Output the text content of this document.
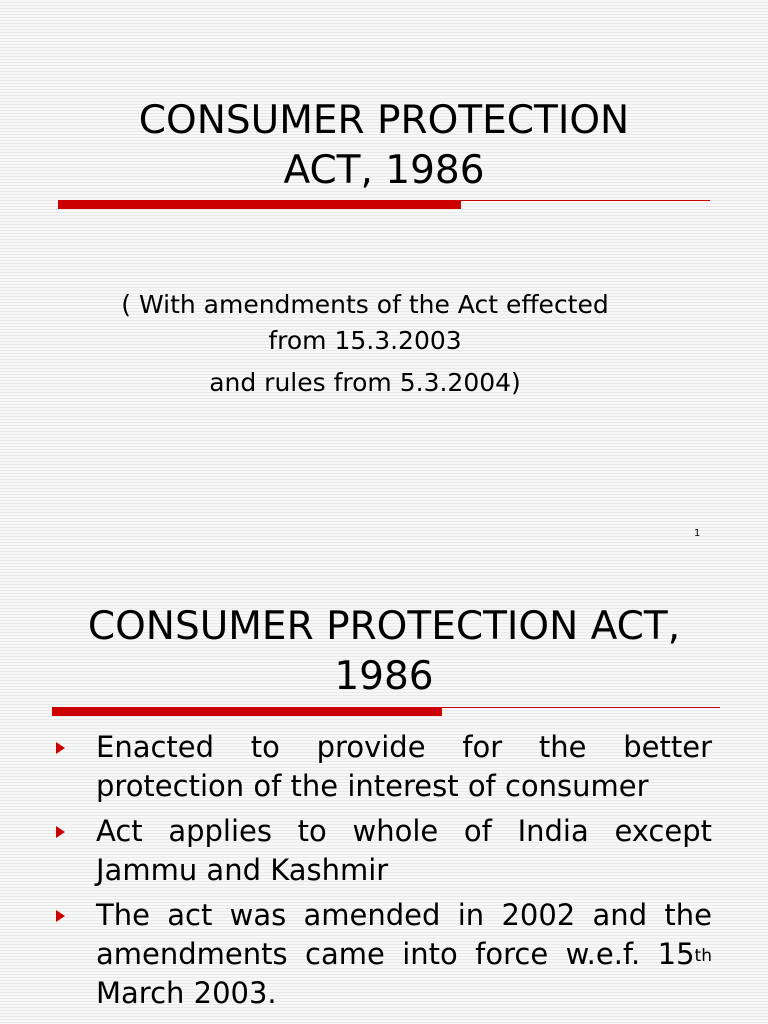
CONSUMER PROTECTION
ACT, 1986
( With amendments of the Act effected
from 15.3.2003
and rules from 5.3.2004)
1
CONSUMER PROTECTION ACT,
1986
Enacted to provide for the better protection of the interest of consumer
Act applies to whole of India except Jammu and Kashmir
The act was amended in 2002 and the amendments came into force w.e.f. 15th March 2003.
